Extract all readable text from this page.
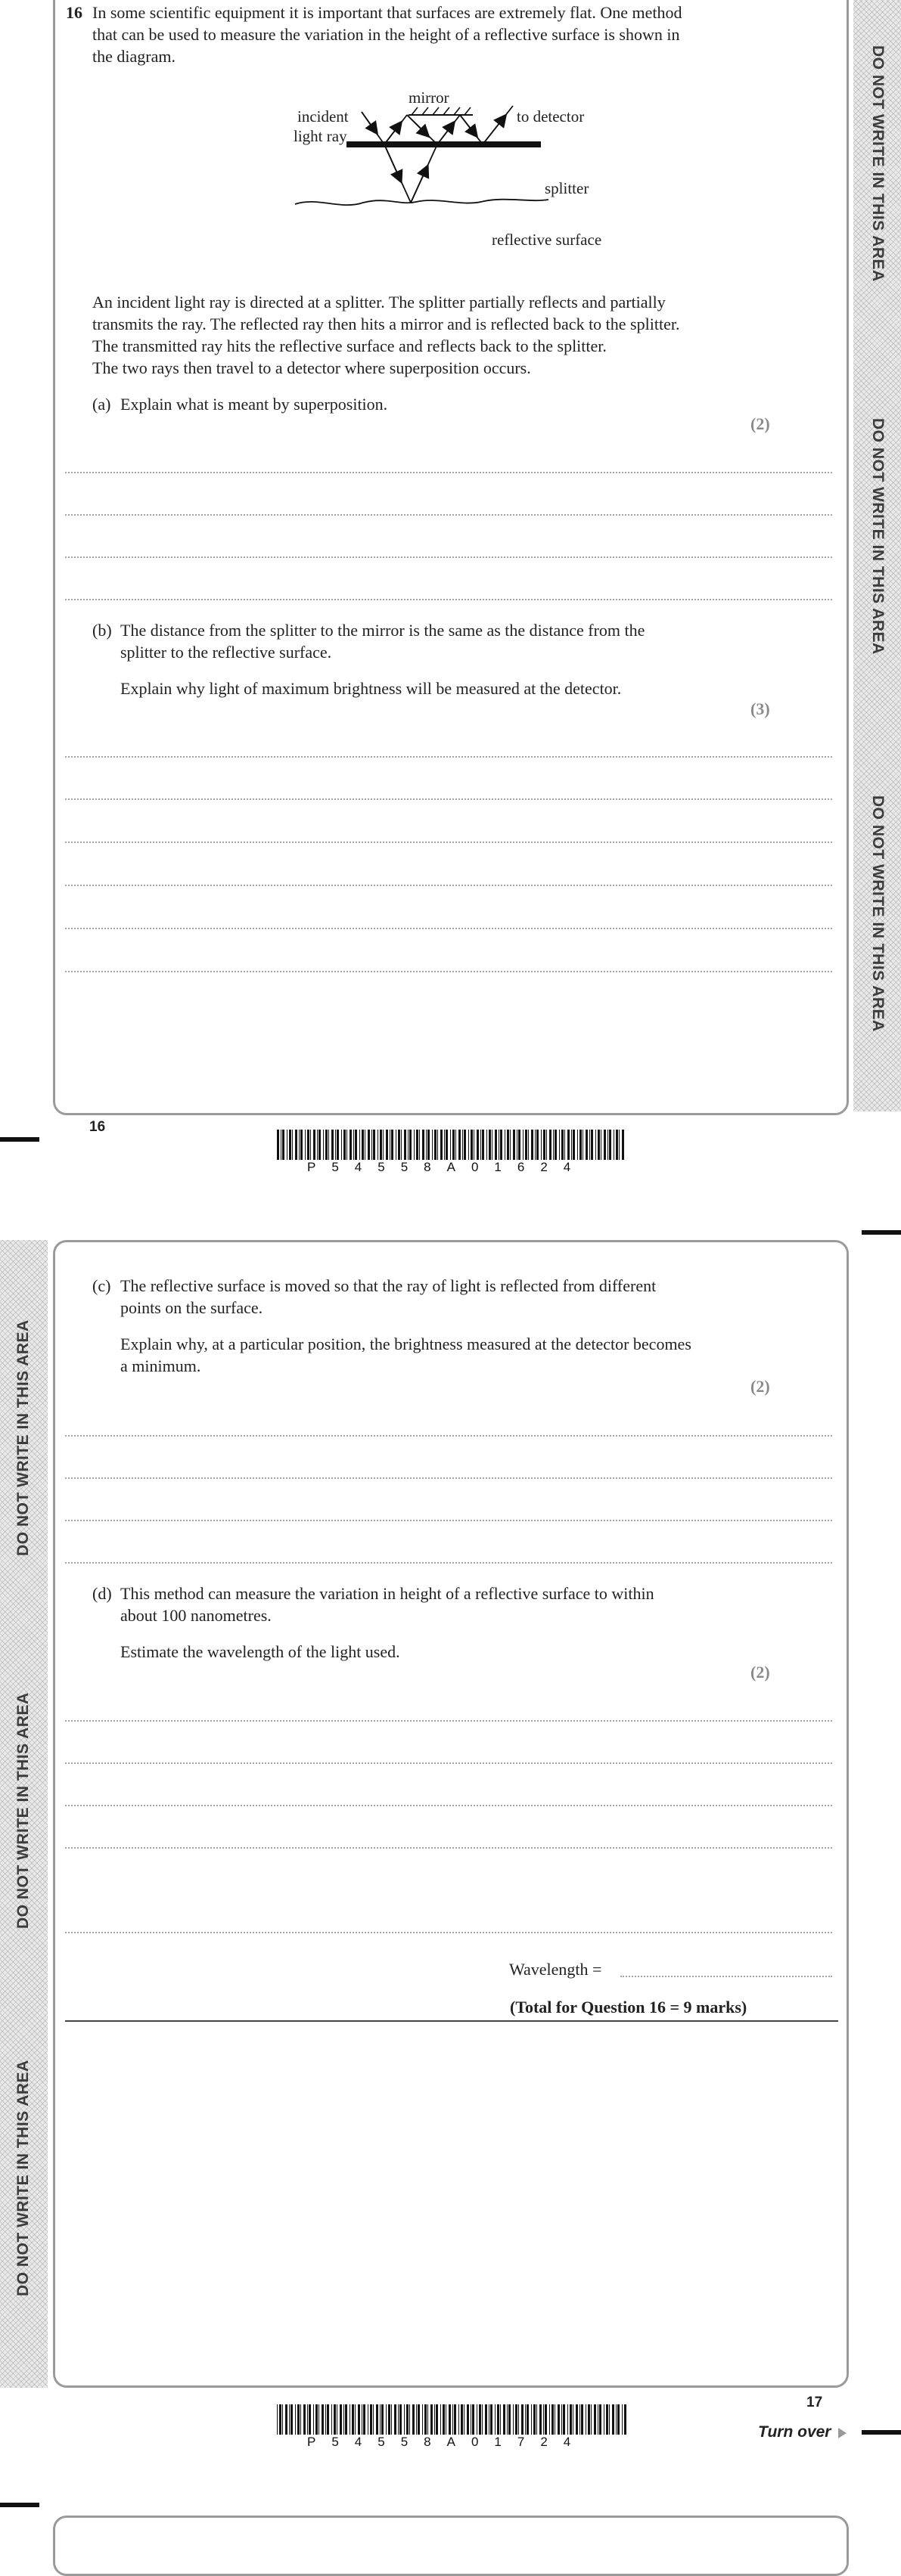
16 In some scientific equipment it is important that surfaces are extremely flat. One method
that can be used to measure the variation in the height of a reflective surface is shown in
the diagram.
mirror
incident
light ray
to detector
splitter
reflective surface
An incident light ray is directed at a splitter. The splitter partially reflects and partially
transmits the ray. The reflected ray then hits a mirror and is reflected back to the splitter.
The transmitted ray hits the reflective surface and reflects back to the splitter.
The two rays then travel to a detector where superposition occurs.
(a) Explain what is meant by superposition.
(2)
(b) The distance from the splitter to the mirror is the same as the distance from the
splitter to the reflective surface.
Explain why light of maximum brightness will be measured at the detector.
(3)
DO NOT WRITE IN THIS AREA
DO NOT WRITE IN THIS AREA
DO NOT WRITE IN THIS AREA
16
P54558A01624
DO NOT WRITE IN THIS AREA
DO NOT WRITE IN THIS AREA
DO NOT WRITE IN THIS AREA
(c) The reflective surface is moved so that the ray of light is reflected from different
points on the surface.
Explain why, at a particular position, the brightness measured at the detector becomes
a minimum.
(2)
(d) This method can measure the variation in height of a reflective surface to within
about 100 nanometres.
Estimate the wavelength of the light used.
(2)
Wavelength =
(Total for Question 16 = 9 marks)
P54558A01724
17
Turn over
